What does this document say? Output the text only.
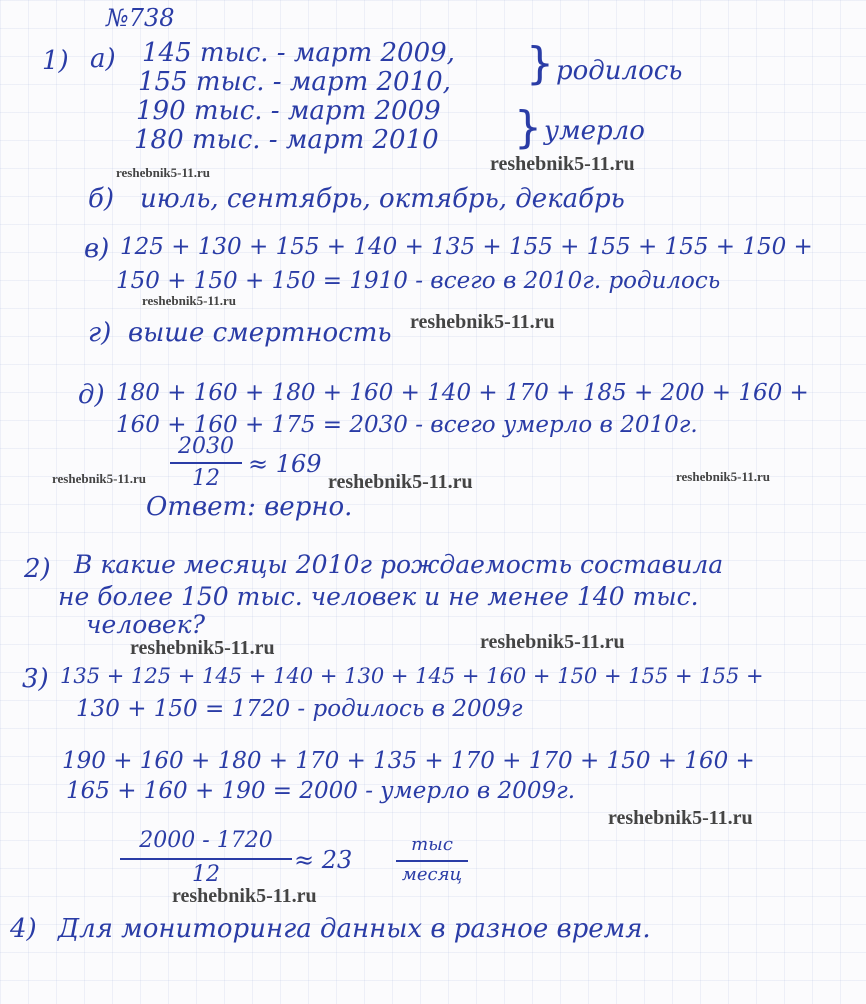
№738
1) а) 145 тыс. - март 2009,
155 тыс. - март 2010, } родилось
190 тыс. - март 2009
180 тыс. - март 2010 } умерло
reshebnik5-11.ru	reshebnik5-11.ru
б) июль, сентябрь, октябрь, декабрь
в) 125 + 130 + 155 + 140 + 135 + 155 + 155 + 155 + 150 +
150 + 150 + 150 = 1910 - всего в 2010г. родилось
reshebnik5-11.ru
г) выше смертность reshebnik5-11.ru
д) 180 + 160 + 180 + 160 + 140 + 170 + 185 + 200 + 160 +
160 + 160 + 175 = 2030 - всего умерло в 2010г.
2030
12
≈ 169
reshebnik5-11.ru	reshebnik5-11.ru	reshebnik5-11.ru
Ответ: верно.
2) В какие месяцы 2010г рождаемость составила
не более 150 тыс. человек и не менее 140 тыс.
человек?
reshebnik5-11.ru	reshebnik5-11.ru
3) 135 + 125 + 145 + 140 + 130 + 145 + 160 + 150 + 155 + 155 +
130 + 150 = 1720 - родилось в 2009г
190 + 160 + 180 + 170 + 135 + 170 + 170 + 150 + 160 +
165 + 160 + 190 = 2000 - умерло в 2009г.
reshebnik5-11.ru
2000 - 1720
12
≈ 23
тыс
месяц
reshebnik5-11.ru
4) Для мониторинга данных в разное время.
